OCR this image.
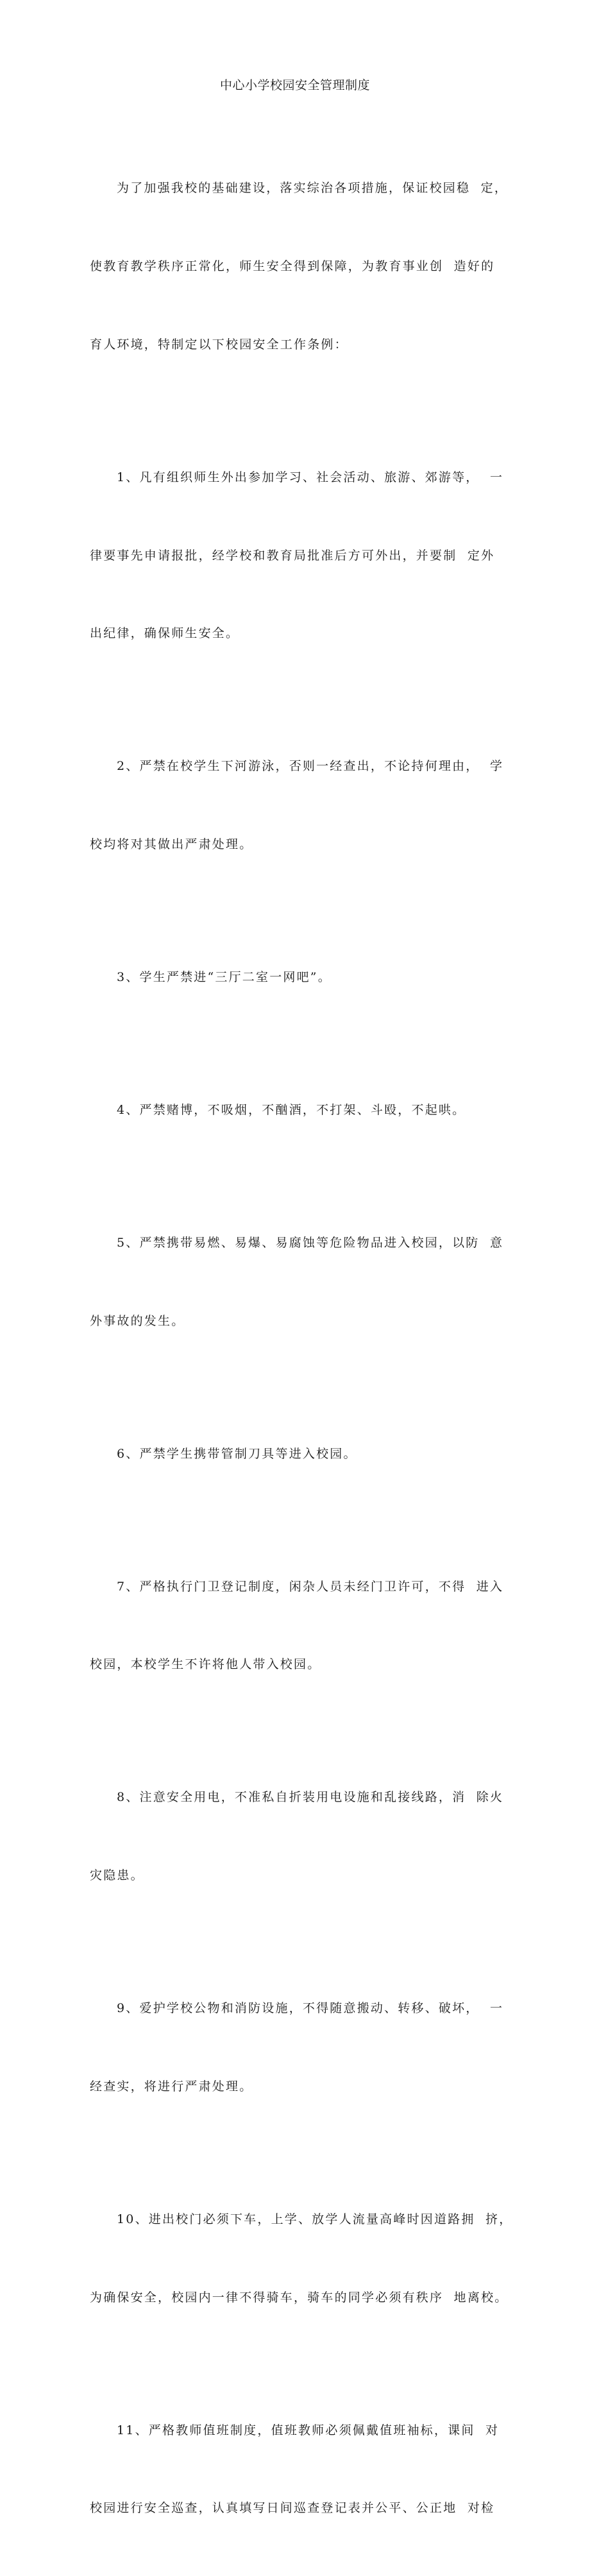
中心小学校园安全管理制度

为了加强我校的基础建设，落实综治各项措施，保证校园稳  定，

使教育教学秩序正常化，师生安全得到保障，为教育事业创  造好的

育人环境，特制定以下校园安全工作条例：

1、凡有组织师生外出参加学习、社会活动、旅游、郊游等，  一

律要事先申请报批，经学校和教育局批准后方可外出，并要制  定外

出纪律，确保师生安全。

2、严禁在校学生下河游泳，否则一经查出，不论持何理由，  学

校均将对其做出严肃处理。

3、学生严禁进“三厅二室一网吧”。

4、严禁赌博，不吸烟，不酗酒，不打架、斗殴，不起哄。

5、严禁携带易燃、易爆、易腐蚀等危险物品进入校园，以防  意

外事故的发生。

6、严禁学生携带管制刀具等进入校园。

7、严格执行门卫登记制度，闲杂人员未经门卫许可，不得  进入

校园，本校学生不许将他人带入校园。

8、注意安全用电，不准私自折装用电设施和乱接线路，消  除火

灾隐患。

9、爱护学校公物和消防设施，不得随意搬动、转移、破坏，  一

经查实，将进行严肃处理。

10、进出校门必须下车，上学、放学人流量高峰时因道路拥  挤，

为确保安全，校园内一律不得骑车，骑车的同学必须有秩序  地离校。

11、严格教师值班制度，值班教师必须佩戴值班袖标，课间  对

校园进行安全巡查，认真填写日间巡查登记表并公平、公正地  对检
